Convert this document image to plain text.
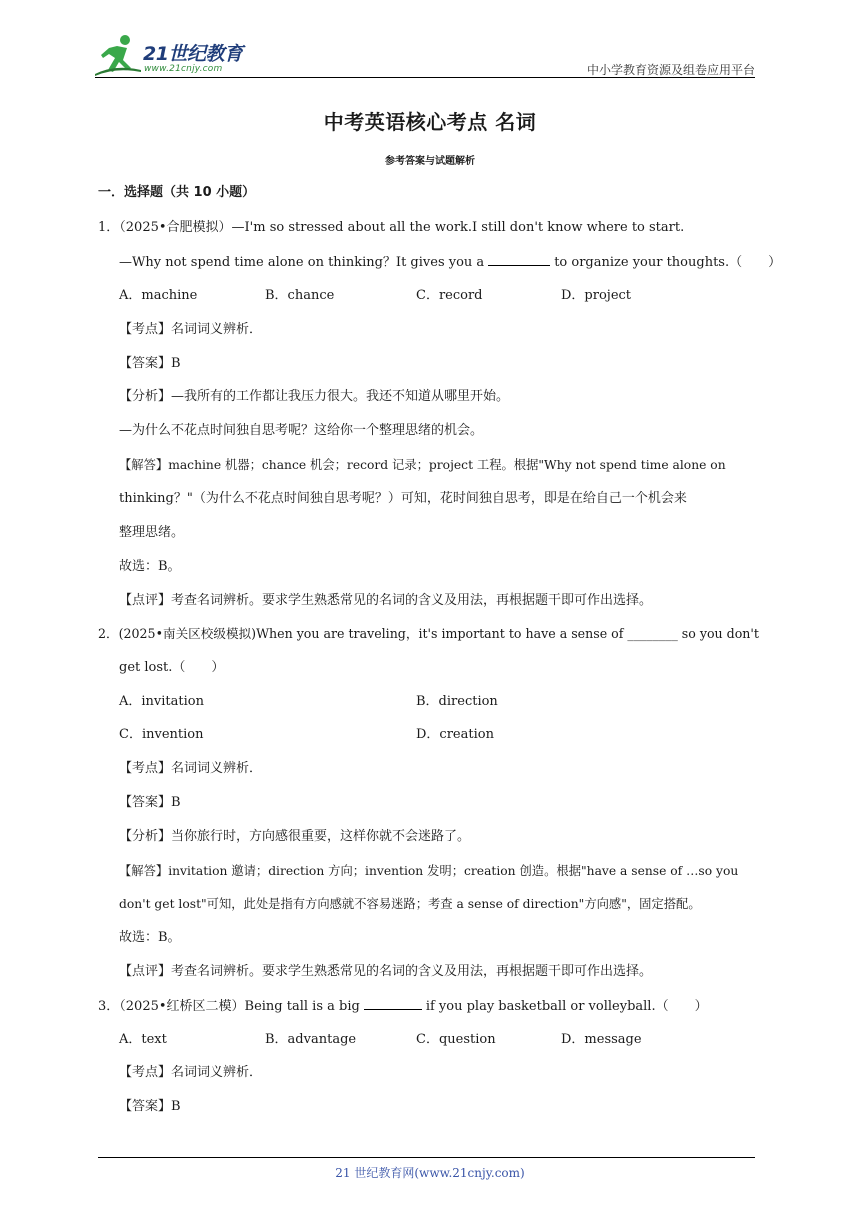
21世纪教育
www.21cnjy.com	中小学教育资源及组卷应用平台
中考英语核心考点 名词
参考答案与试题解析
一．选择题（共 10 小题）
1．（2025•合肥模拟）—I'm so stressed about all the work.I still don't know where to start.
—Why not spend time alone on thinking？It gives you a	to organize your thoughts.（　　）
A．machine	B．chance	C．record	D．project
【考点】名词词义辨析．
【答案】B
【分析】—我所有的工作都让我压力很大。我还不知道从哪里开始。
—为什么不花点时间独自思考呢？这给你一个整理思绪的机会。
【解答】machine 机器；chance 机会；record 记录；project 工程。根据"Why not spend time alone on
thinking？"（为什么不花点时间独自思考呢？）可知，花时间独自思考，即是在给自己一个机会来
整理思绪。
故选：B。
【点评】考查名词辨析。要求学生熟悉常见的名词的含义及用法，再根据题干即可作出选择。
2．(2025•南关区校级模拟)When you are traveling，it's important to have a sense of ________ so you don't
get lost.（　　）
A．invitation	B．direction
C．invention	D．creation
【考点】名词词义辨析．
【答案】B
【分析】当你旅行时，方向感很重要，这样你就不会迷路了。
【解答】invitation 邀请；direction 方向；invention 发明；creation 创造。根据"have a sense of …so you
don't get lost"可知，此处是指有方向感就不容易迷路；考查 a sense of direction"方向感"，固定搭配。
故选：B。
【点评】考查名词辨析。要求学生熟悉常见的名词的含义及用法，再根据题干即可作出选择。
3．（2025•红桥区二模）Being tall is a big	if you play basketball or volleyball.（　　）
A．text	B．advantage	C．question	D．message
【考点】名词词义辨析．
【答案】B
21 世纪教育网(www.21cnjy.com)
